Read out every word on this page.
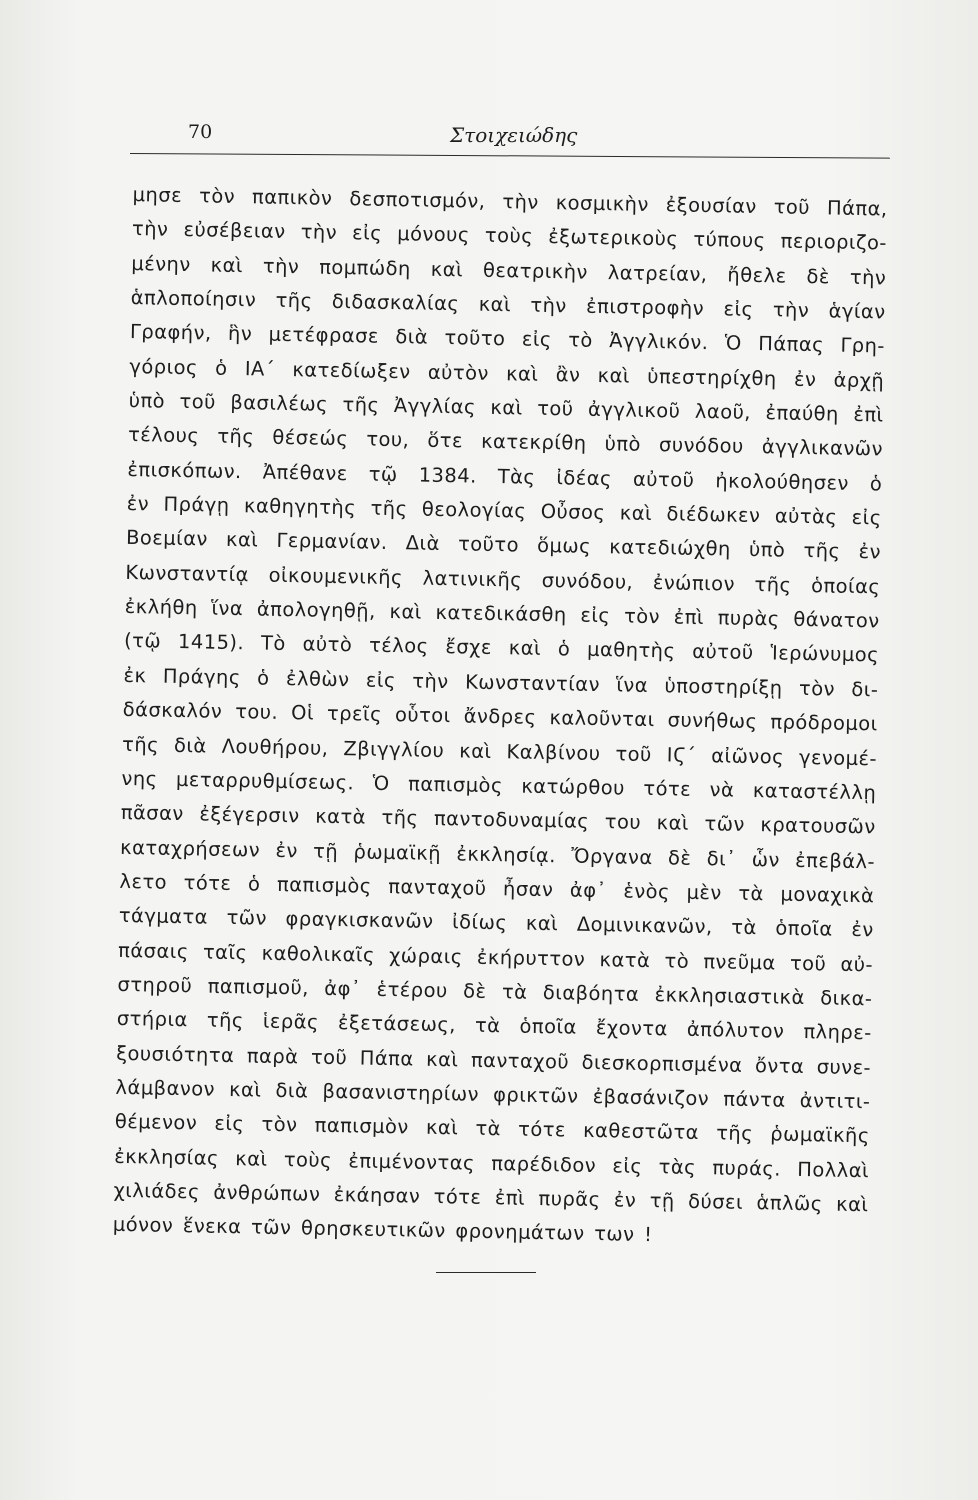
70	Στοιχειώδης
μησε τὸν παπικὸν δεσποτισμόν, τὴν κοσμικὴν ἐξουσίαν τοῦ Πάπα,
τὴν εὐσέβειαν τὴν εἰς μόνους τοὺς ἐξωτερικοὺς τύπους περιοριζο-
μένην καὶ τὴν πομπώδη καὶ θεατρικὴν λατρείαν, ἤθελε δὲ τὴν
ἁπλοποίησιν τῆς διδασκαλίας καὶ τὴν ἐπιστροφὴν εἰς τὴν ἁγίαν
Γραφήν, ἣν μετέφρασε διὰ τοῦτο εἰς τὸ Ἀγγλικόν. Ὁ Πάπας Γρη-
γόριος ὁ ΙΑ΄ κατεδίωξεν αὐτὸν καὶ ἂν καὶ ὑπεστηρίχθη ἐν ἀρχῇ
ὑπὸ τοῦ βασιλέως τῆς Ἀγγλίας καὶ τοῦ ἀγγλικοῦ λαοῦ, ἐπαύθη ἐπὶ
τέλους τῆς θέσεώς του, ὅτε κατεκρίθη ὑπὸ συνόδου ἀγγλικανῶν
ἐπισκόπων. Ἀπέθανε τῷ 1384. Τὰς ἰδέας αὐτοῦ ἠκολούθησεν ὁ
ἐν Πράγῃ καθηγητὴς τῆς θεολογίας Οὖσος καὶ διέδωκεν αὐτὰς εἰς
Βοεμίαν καὶ Γερμανίαν. Διὰ τοῦτο ὅμως κατεδιώχθη ὑπὸ τῆς ἐν
Κωνσταντίᾳ οἰκουμενικῆς λατινικῆς συνόδου, ἐνώπιον τῆς ὁποίας
ἐκλήθη ἵνα ἀπολογηθῇ, καὶ κατεδικάσθη εἰς τὸν ἐπὶ πυρὰς θάνατον
(τῷ 1415). Τὸ αὐτὸ τέλος ἔσχε καὶ ὁ μαθητὴς αὐτοῦ Ἱερώνυμος
ἐκ Πράγης ὁ ἐλθὼν εἰς τὴν Κωνσταντίαν ἵνα ὑποστηρίξῃ τὸν δι-
δάσκαλόν του. Οἱ τρεῖς οὗτοι ἄνδρες καλοῦνται συνήθως πρόδρομοι
τῆς διὰ Λουθήρου, Ζβιγγλίου καὶ Καλβίνου τοῦ ΙϚ΄ αἰῶνος γενομέ-
νης μεταρρυθμίσεως. Ὁ παπισμὸς κατώρθου τότε νὰ καταστέλλῃ
πᾶσαν ἐξέγερσιν κατὰ τῆς παντοδυναμίας του καὶ τῶν κρατουσῶν
καταχρήσεων ἐν τῇ ῥωμαϊκῇ ἐκκλησίᾳ. Ὄργανα δὲ δι᾽ ὧν ἐπεβάλ-
λετο τότε ὁ παπισμὸς πανταχοῦ ἦσαν ἀφ᾽ ἑνὸς μὲν τὰ μοναχικὰ
τάγματα τῶν φραγκισκανῶν ἰδίως καὶ Δομινικανῶν, τὰ ὁποῖα ἐν
πάσαις ταῖς καθολικαῖς χώραις ἐκήρυττον κατὰ τὸ πνεῦμα τοῦ αὐ-
στηροῦ παπισμοῦ, ἀφ᾽ ἑτέρου δὲ τὰ διαβόητα ἐκκλησιαστικὰ δικα-
στήρια τῆς ἱερᾶς ἐξετάσεως, τὰ ὁποῖα ἔχοντα ἀπόλυτον πληρε-
ξουσιότητα παρὰ τοῦ Πάπα καὶ πανταχοῦ διεσκορπισμένα ὄντα συνε-
λάμβανον καὶ διὰ βασανιστηρίων φρικτῶν ἐβασάνιζον πάντα ἀντιτι-
θέμενον εἰς τὸν παπισμὸν καὶ τὰ τότε καθεστῶτα τῆς ῥωμαϊκῆς
ἐκκλησίας καὶ τοὺς ἐπιμένοντας παρέδιδον εἰς τὰς πυράς. Πολλαὶ
χιλιάδες ἀνθρώπων ἐκάησαν τότε ἐπὶ πυρᾶς ἐν τῇ δύσει ἁπλῶς καὶ
μόνον ἕνεκα τῶν θρησκευτικῶν φρονημάτων των !
